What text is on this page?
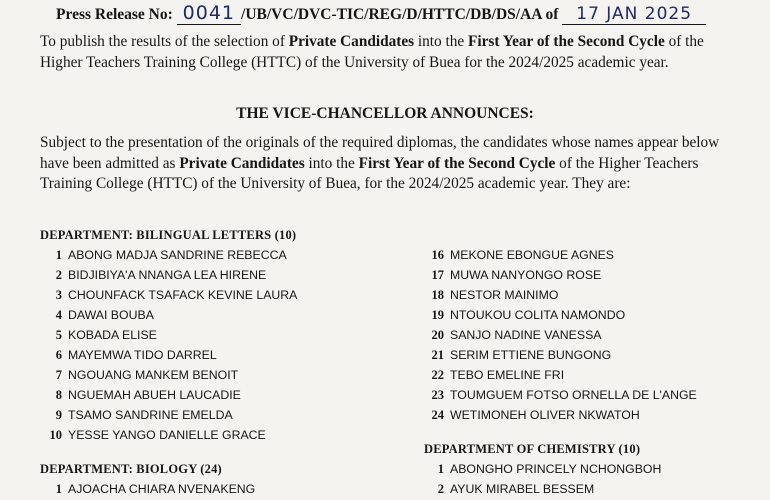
Press Release No: 0041 /UB/VC/DVC-TIC/REG/D/HTTC/DB/DS/AA of 17 JAN 2025
To publish the results of the selection of Private Candidates into the First Year of the Second Cycle of the Higher Teachers Training College (HTTC) of the University of Buea for the 2024/2025 academic year.
THE VICE-CHANCELLOR ANNOUNCES:
Subject to the presentation of the originals of the required diplomas, the candidates whose names appear below have been admitted as Private Candidates into the First Year of the Second Cycle of the Higher Teachers Training College (HTTC) of the University of Buea, for the 2024/2025 academic year. They are:
DEPARTMENT: BILINGUAL LETTERS (10)
1 ABONG MADJA SANDRINE REBECCA
2 BIDJIBIYA'A NNANGA LEA HIRENE
3 CHOUNFACK TSAFACK KEVINE LAURA
4 DAWAI BOUBA
5 KOBADA ELISE
6 MAYEMWA TIDO DARREL
7 NGOUANG MANKEM BENOIT
8 NGUEMAH ABUEH LAUCADIE
9 TSAMO SANDRINE EMELDA
10 YESSE YANGO DANIELLE GRACE
DEPARTMENT: BIOLOGY (24)
1 AJOACHA CHIARA NVENAKENG
16 MEKONE EBONGUE AGNES
17 MUWA NANYONGO ROSE
18 NESTOR MAINIMO
19 NTOUKOU COLITA NAMONDO
20 SANJO NADINE VANESSA
21 SERIM ETTIENE BUNGONG
22 TEBO EMELINE FRI
23 TOUMGUEM FOTSO ORNELLA DE L'ANGE
24 WETIMONEH OLIVER NKWATOH
DEPARTMENT OF CHEMISTRY (10)
1 ABONGHO PRINCELY NCHONGBOH
2 AYUK MIRABEL BESSEM
